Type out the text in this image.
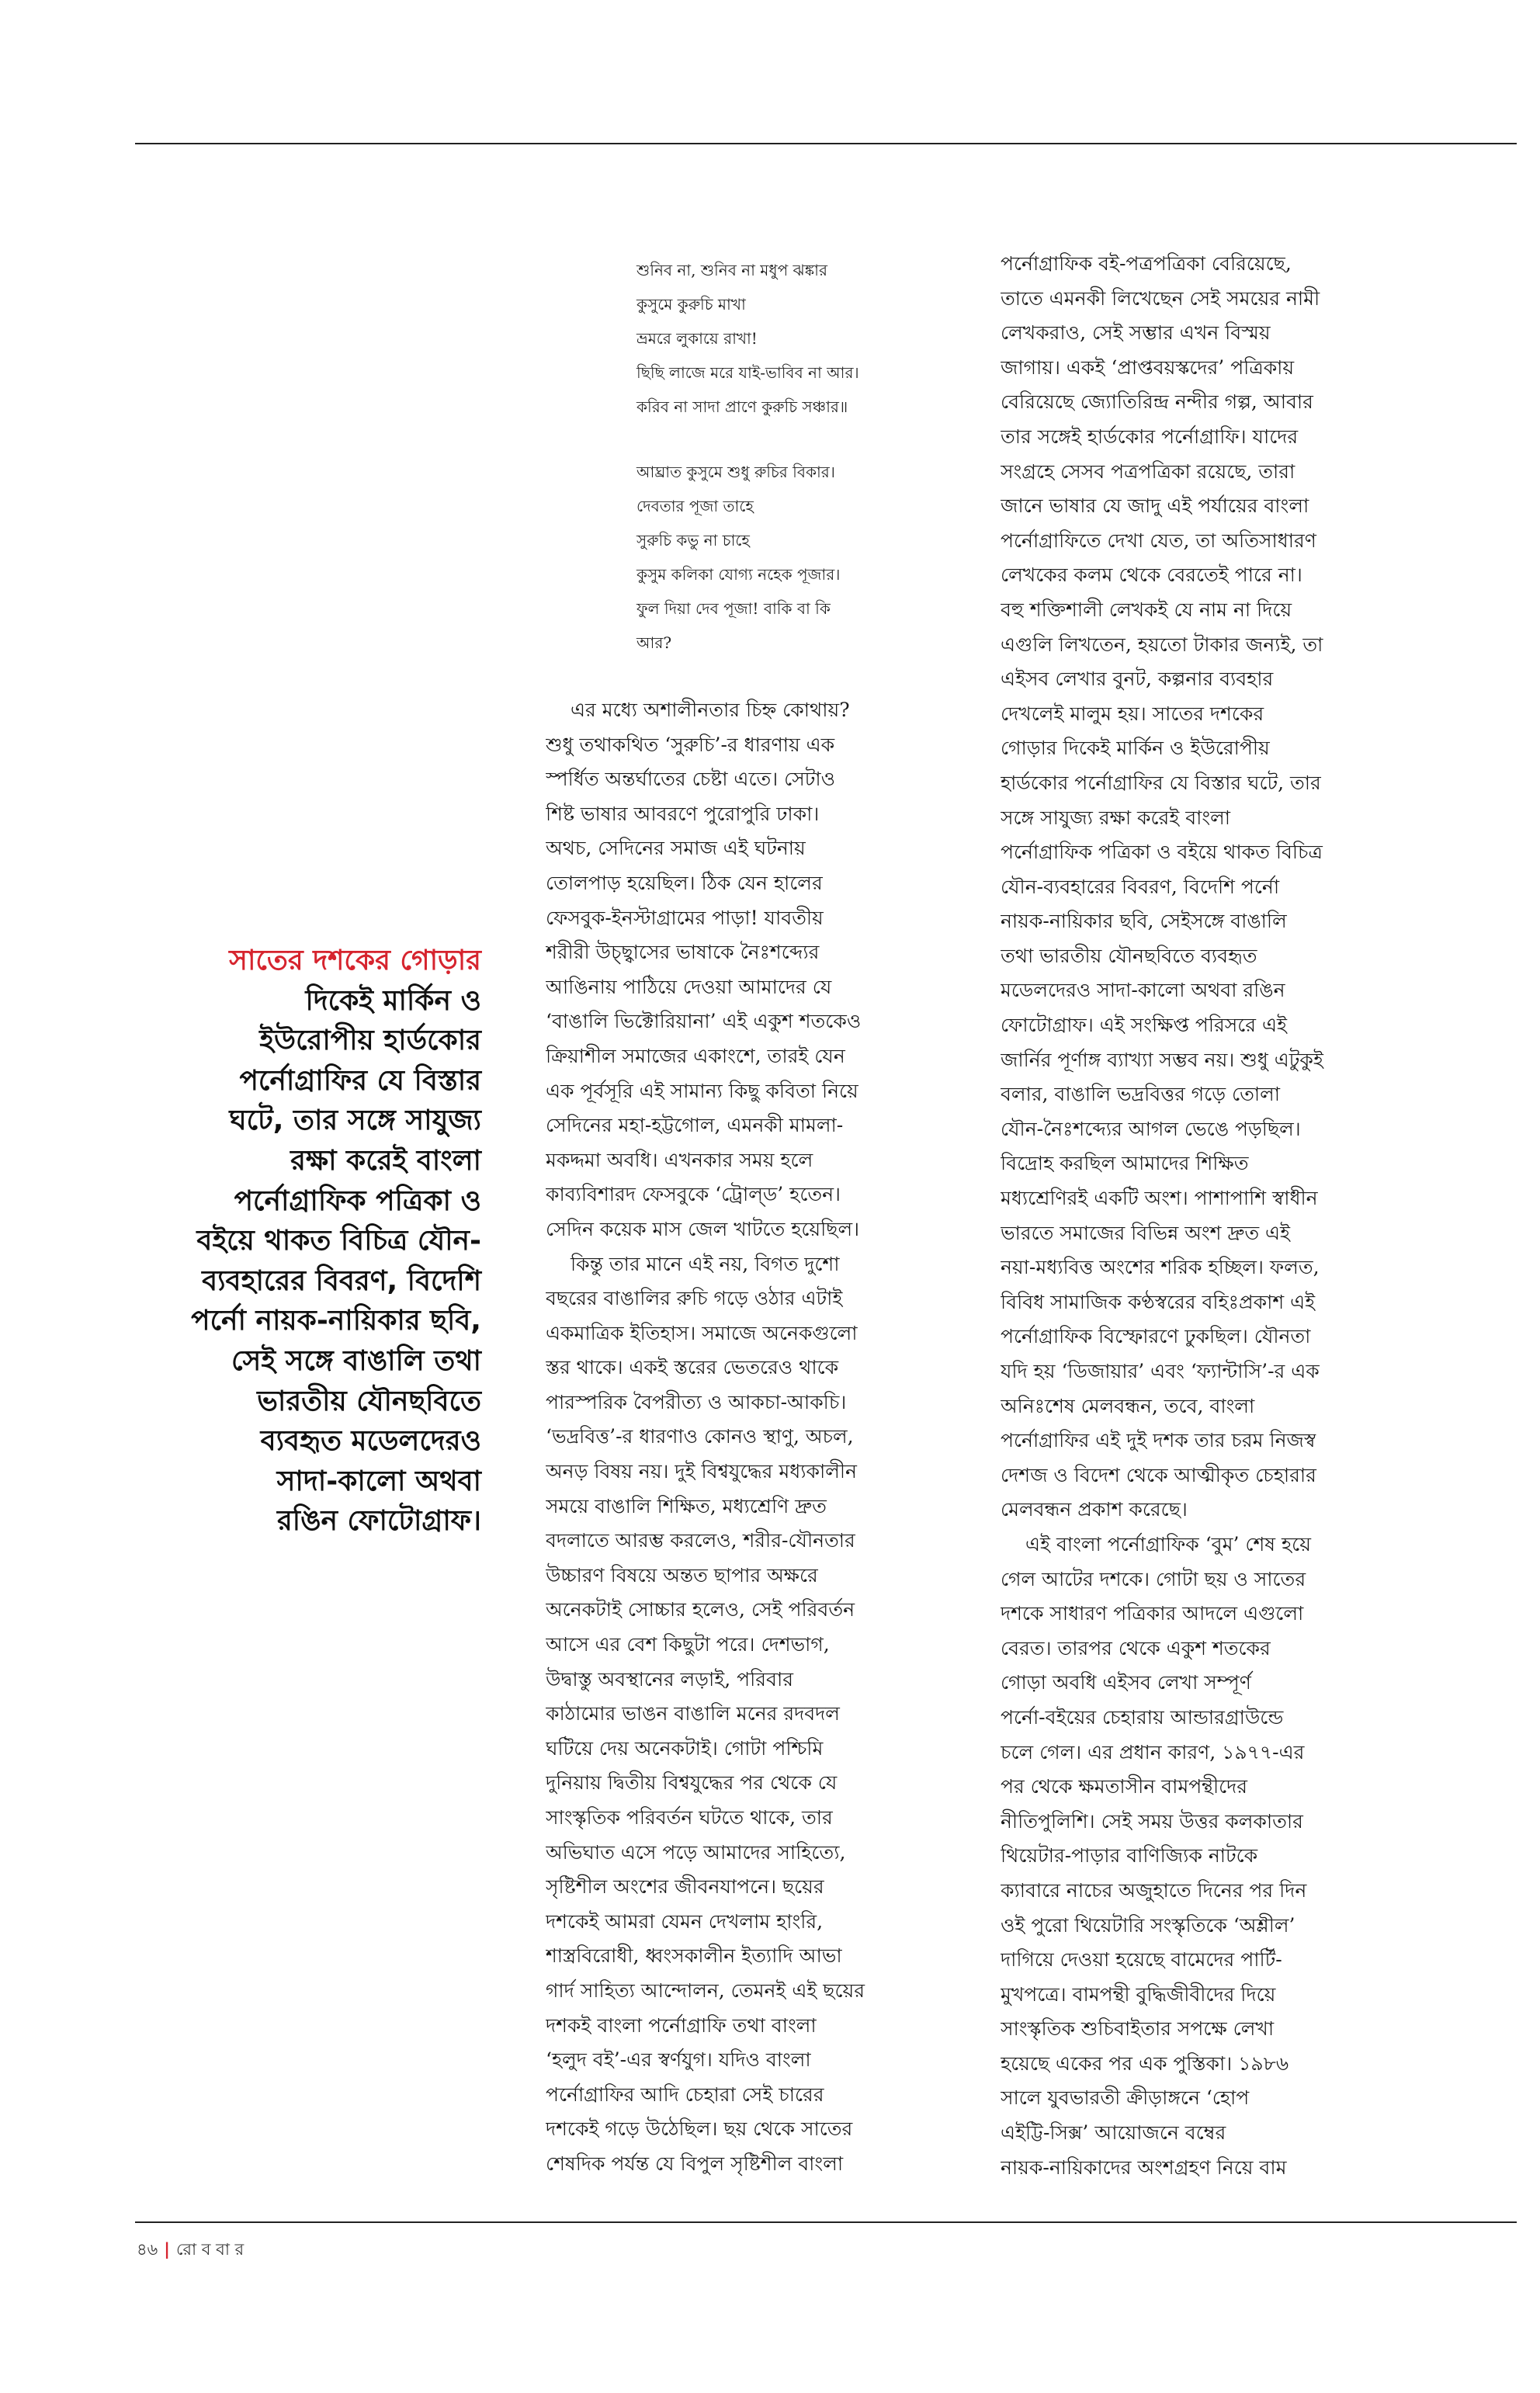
শুনিব না, শুনিব না মধুপ ঝঙ্কার
কুসুমে কুরুচি মাখা
ভ্রমরে লুকায়ে রাখা!
ছিছি লাজে মরে যাই-ভাবিব না আর।
করিব না সাদা প্রাণে কুরুচি সঞ্চার॥
আঘ্রাত কুসুমে শুধু রুচির বিকার।
দেবতার পূজা তাহে
সুরুচি কভু না চাহে
কুসুম কলিকা যোগ্য নহেক পূজার।
ফুল দিয়া দেব পূজা! বাকি বা কি
আর?
সাতের দশকের গোড়ার
দিকেই মার্কিন ও
ইউরোপীয় হার্ডকোর
পর্নোগ্রাফির যে বিস্তার
ঘটে, তার সঙ্গে সাযুজ্য
রক্ষা করেই বাংলা
পর্নোগ্রাফিক পত্রিকা ও
বইয়ে থাকত বিচিত্র যৌন-
ব্যবহারের বিবরণ, বিদেশি
পর্নো নায়ক-নায়িকার ছবি,
সেই সঙ্গে বাঙালি তথা
ভারতীয় যৌনছবিতে
ব্যবহৃত মডেলদেরও
সাদা-কালো অথবা
রঙিন ফোটোগ্রাফ।
এর মধ্যে অশালীনতার চিহ্ন কোথায়?
শুধু তথাকথিত ‘সুরুচি’-র ধারণায় এক
স্পর্ধিত অন্তর্ঘাতের চেষ্টা এতে। সেটাও
শিষ্ট ভাষার আবরণে পুরোপুরি ঢাকা।
অথচ, সেদিনের সমাজ এই ঘটনায়
তোলপাড় হয়েছিল। ঠিক যেন হালের
ফেসবুক-ইনস্টাগ্রামের পাড়া! যাবতীয়
শরীরী উচ্ছ্বাসের ভাষাকে নৈঃশব্দ্যের
আঙিনায় পাঠিয়ে দেওয়া আমাদের যে
‘বাঙালি ভিক্টোরিয়ানা’ এই একুশ শতকেও
ক্রিয়াশীল সমাজের একাংশে, তারই যেন
এক পূর্বসূরি এই সামান্য কিছু কবিতা নিয়ে
সেদিনের মহা-হট্টগোল, এমনকী মামলা-
মকদ্দমা অবধি। এখনকার সময় হলে
কাব্যবিশারদ ফেসবুকে ‘ট্রোল্‌ড’ হতেন।
সেদিন কয়েক মাস জেল খাটতে হয়েছিল।
কিন্তু তার মানে এই নয়, বিগত দুশো
বছরের বাঙালির রুচি গড়ে ওঠার এটাই
একমাত্রিক ইতিহাস। সমাজে অনেকগুলো
স্তর থাকে। একই স্তরের ভেতরেও থাকে
পারস্পরিক বৈপরীত্য ও আকচা-আকচি।
‘ভদ্রবিত্ত’-র ধারণাও কোনও স্থাণু, অচল,
অনড় বিষয় নয়। দুই বিশ্বযুদ্ধের মধ্যকালীন
সময়ে বাঙালি শিক্ষিত, মধ্যশ্রেণি দ্রুত
বদলাতে আরম্ভ করলেও, শরীর-যৌনতার
উচ্চারণ বিষয়ে অন্তত ছাপার অক্ষরে
অনেকটাই সোচ্চার হলেও, সেই পরিবর্তন
আসে এর বেশ কিছুটা পরে। দেশভাগ,
উদ্বাস্তু অবস্থানের লড়াই, পরিবার
কাঠামোর ভাঙন বাঙালি মনের রদবদল
ঘটিয়ে দেয় অনেকটাই। গোটা পশ্চিমি
দুনিয়ায় দ্বিতীয় বিশ্বযুদ্ধের পর থেকে যে
সাংস্কৃতিক পরিবর্তন ঘটতে থাকে, তার
অভিঘাত এসে পড়ে আমাদের সাহিত্যে,
সৃষ্টিশীল অংশের জীবনযাপনে। ছয়ের
দশকেই আমরা যেমন দেখলাম হাংরি,
শাস্ত্রবিরোধী, ধ্বংসকালীন ইত্যাদি আভা
গার্দ সাহিত্য আন্দোলন, তেমনই এই ছয়ের
দশকই বাংলা পর্নোগ্রাফি তথা বাংলা
‘হলুদ বই’-এর স্বর্ণযুগ। যদিও বাংলা
পর্নোগ্রাফির আদি চেহারা সেই চারের
দশকেই গড়ে উঠেছিল। ছয় থেকে সাতের
শেষদিক পর্যন্ত যে বিপুল সৃষ্টিশীল বাংলা
পর্নোগ্রাফিক বই-পত্রপত্রিকা বেরিয়েছে,
তাতে এমনকী লিখেছেন সেই সময়ের নামী
লেখকরাও, সেই সম্ভার এখন বিস্ময়
জাগায়। একই ‘প্রাপ্তবয়স্কদের’ পত্রিকায়
বেরিয়েছে জ্যোতিরিন্দ্র নন্দীর গল্প, আবার
তার সঙ্গেই হার্ডকোর পর্নোগ্রাফি। যাদের
সংগ্রহে সেসব পত্রপত্রিকা রয়েছে, তারা
জানে ভাষার যে জাদু এই পর্যায়ের বাংলা
পর্নোগ্রাফিতে দেখা যেত, তা অতিসাধারণ
লেখকের কলম থেকে বেরতেই পারে না।
বহু শক্তিশালী লেখকই যে নাম না দিয়ে
এগুলি লিখতেন, হয়তো টাকার জন্যই, তা
এইসব লেখার বুনট, কল্পনার ব্যবহার
দেখলেই মালুম হয়। সাতের দশকের
গোড়ার দিকেই মার্কিন ও ইউরোপীয়
হার্ডকোর পর্নোগ্রাফির যে বিস্তার ঘটে, তার
সঙ্গে সাযুজ্য রক্ষা করেই বাংলা
পর্নোগ্রাফিক পত্রিকা ও বইয়ে থাকত বিচিত্র
যৌন-ব্যবহারের বিবরণ, বিদেশি পর্নো
নায়ক-নায়িকার ছবি, সেইসঙ্গে বাঙালি
তথা ভারতীয় যৌনছবিতে ব্যবহৃত
মডেলদেরও সাদা-কালো অথবা রঙিন
ফোটোগ্রাফ। এই সংক্ষিপ্ত পরিসরে এই
জার্নির পূর্ণাঙ্গ ব্যাখ্যা সম্ভব নয়। শুধু এটুকুই
বলার, বাঙালি ভদ্রবিত্তর গড়ে তোলা
যৌন-নৈঃশব্দ্যের আগল ভেঙে পড়ছিল।
বিদ্রোহ করছিল আমাদের শিক্ষিত
মধ্যশ্রেণিরই একটি অংশ। পাশাপাশি স্বাধীন
ভারতে সমাজের বিভিন্ন অংশ দ্রুত এই
নয়া-মধ্যবিত্ত অংশের শরিক হচ্ছিল। ফলত,
বিবিধ সামাজিক কণ্ঠস্বরের বহিঃপ্রকাশ এই
পর্নোগ্রাফিক বিস্ফোরণে ঢুকছিল। যৌনতা
যদি হয় ‘ডিজায়ার’ এবং ‘ফ্যান্টাসি’-র এক
অনিঃশেষ মেলবন্ধন, তবে, বাংলা
পর্নোগ্রাফির এই দুই দশক তার চরম নিজস্ব
দেশজ ও বিদেশ থেকে আত্মীকৃত চেহারার
মেলবন্ধন প্রকাশ করেছে।
এই বাংলা পর্নোগ্রাফিক ‘বুম’ শেষ হয়ে
গেল আটের দশকে। গোটা ছয় ও সাতের
দশকে সাধারণ পত্রিকার আদলে এগুলো
বেরত। তারপর থেকে একুশ শতকের
গোড়া অবধি এইসব লেখা সম্পূর্ণ
পর্নো-বইয়ের চেহারায় আন্ডারগ্রাউন্ডে
চলে গেল। এর প্রধান কারণ, ১৯৭৭-এর
পর থেকে ক্ষমতাসীন বামপন্থীদের
নীতিপুলিশি। সেই সময় উত্তর কলকাতার
থিয়েটার-পাড়ার বাণিজ্যিক নাটকে
ক্যাবারে নাচের অজুহাতে দিনের পর দিন
ওই পুরো থিয়েটারি সংস্কৃতিকে ‘অশ্লীল’
দাগিয়ে দেওয়া হয়েছে বামেদের পার্টি-
মুখপত্রে। বামপন্থী বুদ্ধিজীবীদের দিয়ে
সাংস্কৃতিক শুচিবাইতার সপক্ষে লেখা
হয়েছে একের পর এক পুস্তিকা। ১৯৮৬
সালে যুবভারতী ক্রীড়াঙ্গনে ‘হোপ
এইট্টি-সিক্স’ আয়োজনে বম্বের
নায়ক-নায়িকাদের অংশগ্রহণ নিয়ে বাম
৪৬ | রো ব বা র
